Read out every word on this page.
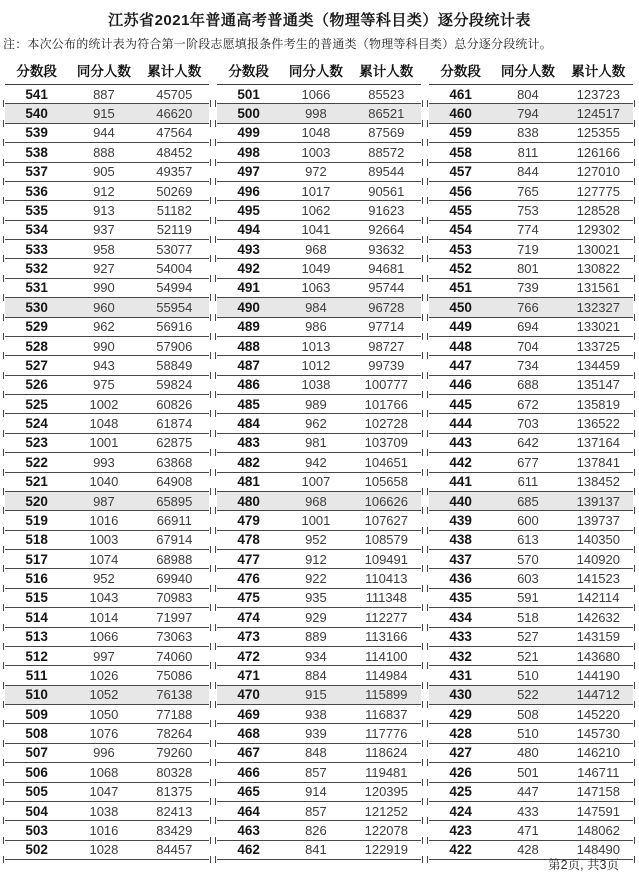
江苏省2021年普通高考普通类（物理等科目类）逐分段统计表
注：本次公布的统计表为符合第一阶段志愿填报条件考生的普通类（物理等科目类）总分逐分段统计。
分数段	同分人数	累计人数
541	887	45705
540	915	46620
539	944	47564
538	888	48452
537	905	49357
536	912	50269
535	913	51182
534	937	52119
533	958	53077
532	927	54004
531	990	54994
530	960	55954
529	962	56916
528	990	57906
527	943	58849
526	975	59824
525	1002	60826
524	1048	61874
523	1001	62875
522	993	63868
521	1040	64908
520	987	65895
519	1016	66911
518	1003	67914
517	1074	68988
516	952	69940
515	1043	70983
514	1014	71997
513	1066	73063
512	997	74060
511	1026	75086
510	1052	76138
509	1050	77188
508	1076	78264
507	996	79260
506	1068	80328
505	1047	81375
504	1038	82413
503	1016	83429
502	1028	84457
分数段	同分人数	累计人数
501	1066	85523
500	998	86521
499	1048	87569
498	1003	88572
497	972	89544
496	1017	90561
495	1062	91623
494	1041	92664
493	968	93632
492	1049	94681
491	1063	95744
490	984	96728
489	986	97714
488	1013	98727
487	1012	99739
486	1038	100777
485	989	101766
484	962	102728
483	981	103709
482	942	104651
481	1007	105658
480	968	106626
479	1001	107627
478	952	108579
477	912	109491
476	922	110413
475	935	111348
474	929	112277
473	889	113166
472	934	114100
471	884	114984
470	915	115899
469	938	116837
468	939	117776
467	848	118624
466	857	119481
465	914	120395
464	857	121252
463	826	122078
462	841	122919
分数段	同分人数	累计人数
461	804	123723
460	794	124517
459	838	125355
458	811	126166
457	844	127010
456	765	127775
455	753	128528
454	774	129302
453	719	130021
452	801	130822
451	739	131561
450	766	132327
449	694	133021
448	704	133725
447	734	134459
446	688	135147
445	672	135819
444	703	136522
443	642	137164
442	677	137841
441	611	138452
440	685	139137
439	600	139737
438	613	140350
437	570	140920
436	603	141523
435	591	142114
434	518	142632
433	527	143159
432	521	143680
431	510	144190
430	522	144712
429	508	145220
428	510	145730
427	480	146210
426	501	146711
425	447	147158
424	433	147591
423	471	148062
422	428	148490
第2页, 共3页
